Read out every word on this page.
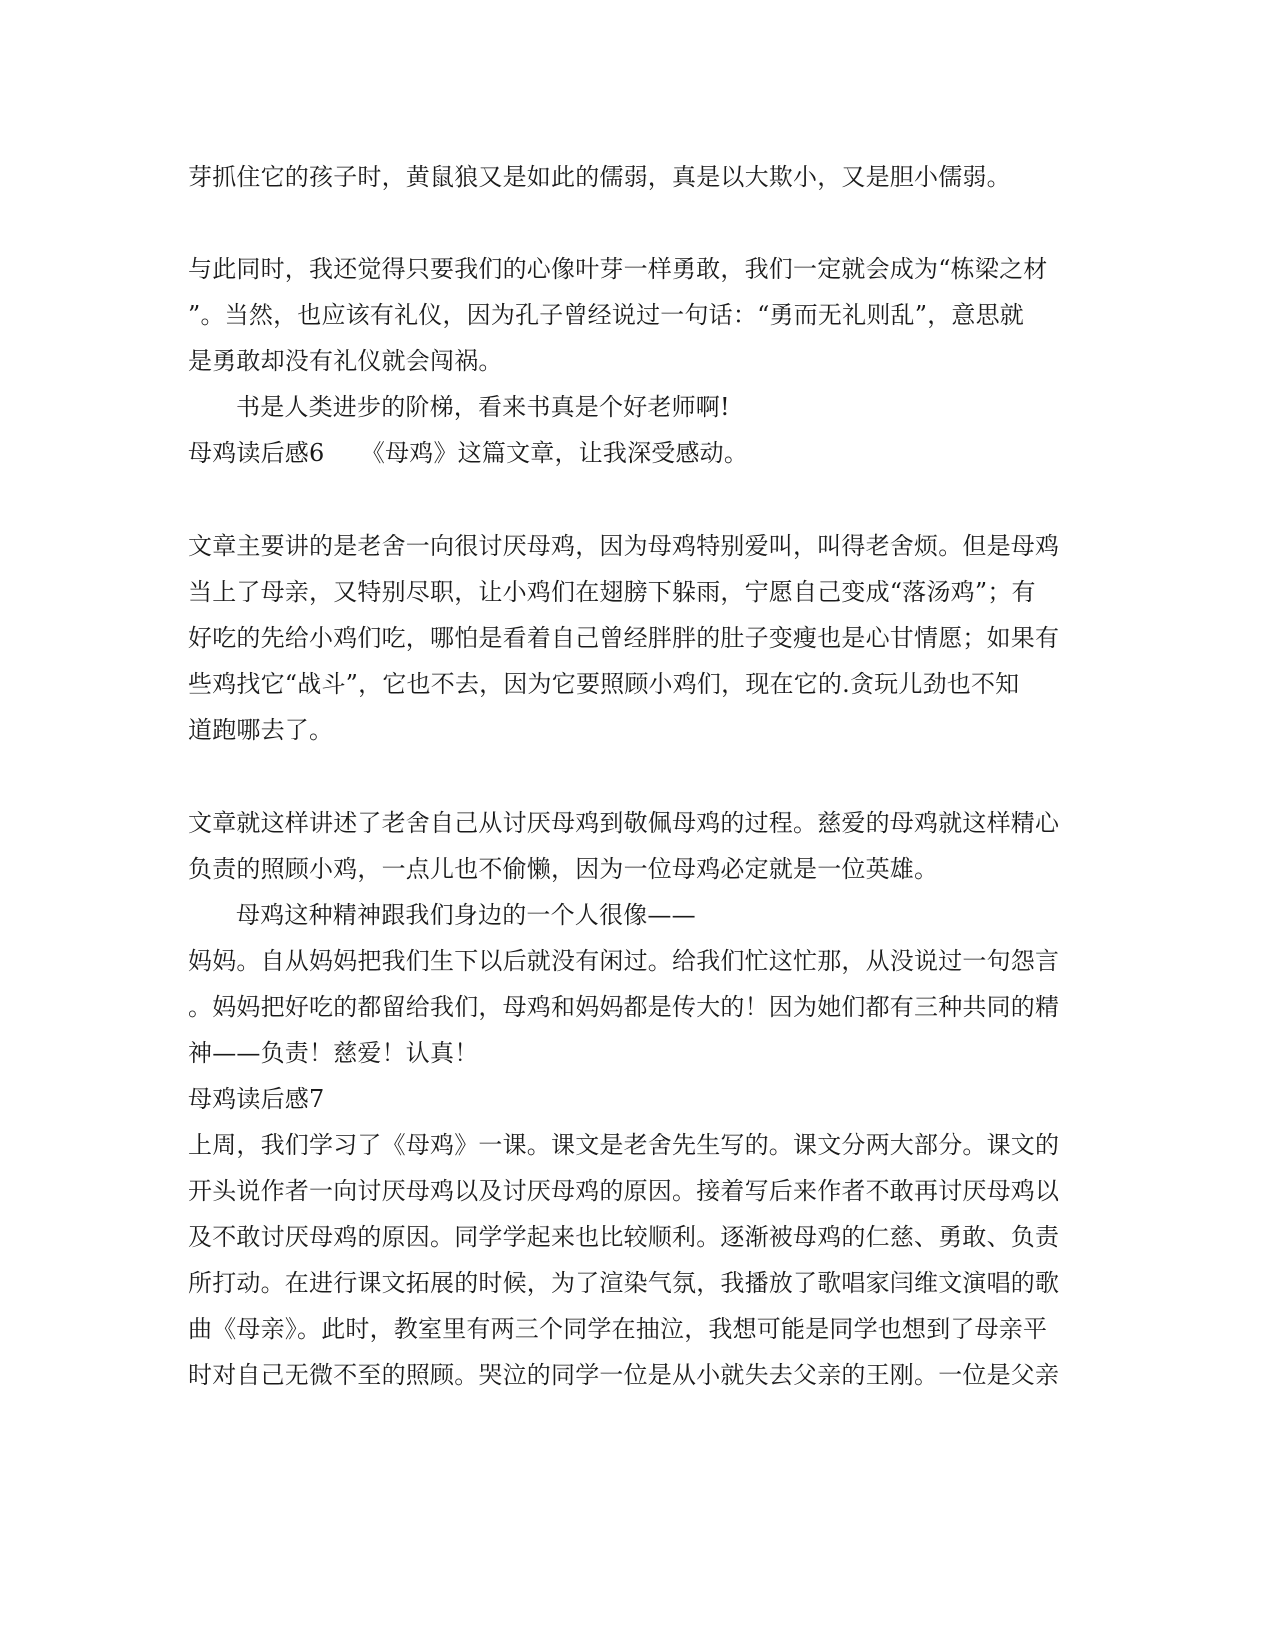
芽抓住它的孩子时，黄鼠狼又是如此的儒弱，真是以大欺小，又是胆小儒弱。
与此同时，我还觉得只要我们的心像叶芽一样勇敢，我们一定就会成为“栋梁之材
”。当然，也应该有礼仪，因为孔子曾经说过一句话：“勇而无礼则乱”，意思就
是勇敢却没有礼仪就会闯祸。
书是人类进步的阶梯，看来书真是个好老师啊!
母鸡读后感6　　《母鸡》这篇文章，让我深受感动。
文章主要讲的是老舍一向很讨厌母鸡，因为母鸡特别爱叫，叫得老舍烦。但是母鸡
当上了母亲，又特别尽职，让小鸡们在翅膀下躲雨，宁愿自己变成“落汤鸡”；有
好吃的先给小鸡们吃，哪怕是看着自己曾经胖胖的肚子变瘦也是心甘情愿；如果有
些鸡找它“战斗”，它也不去，因为它要照顾小鸡们，现在它的.贪玩儿劲也不知
道跑哪去了。
文章就这样讲述了老舍自己从讨厌母鸡到敬佩母鸡的过程。慈爱的母鸡就这样精心
负责的照顾小鸡，一点儿也不偷懒，因为一位母鸡必定就是一位英雄。
母鸡这种精神跟我们身边的一个人很像——
妈妈。自从妈妈把我们生下以后就没有闲过。给我们忙这忙那，从没说过一句怨言
。妈妈把好吃的都留给我们，母鸡和妈妈都是传大的！因为她们都有三种共同的精
神——负责！慈爱！认真！
母鸡读后感7
上周，我们学习了《母鸡》一课。课文是老舍先生写的。课文分两大部分。课文的
开头说作者一向讨厌母鸡以及讨厌母鸡的原因。接着写后来作者不敢再讨厌母鸡以
及不敢讨厌母鸡的原因。同学学起来也比较顺利。逐渐被母鸡的仁慈、勇敢、负责
所打动。在进行课文拓展的时候，为了渲染气氛，我播放了歌唱家闫维文演唱的歌
曲《母亲》。此时，教室里有两三个同学在抽泣，我想可能是同学也想到了母亲平
时对自己无微不至的照顾。哭泣的同学一位是从小就失去父亲的王刚。一位是父亲
